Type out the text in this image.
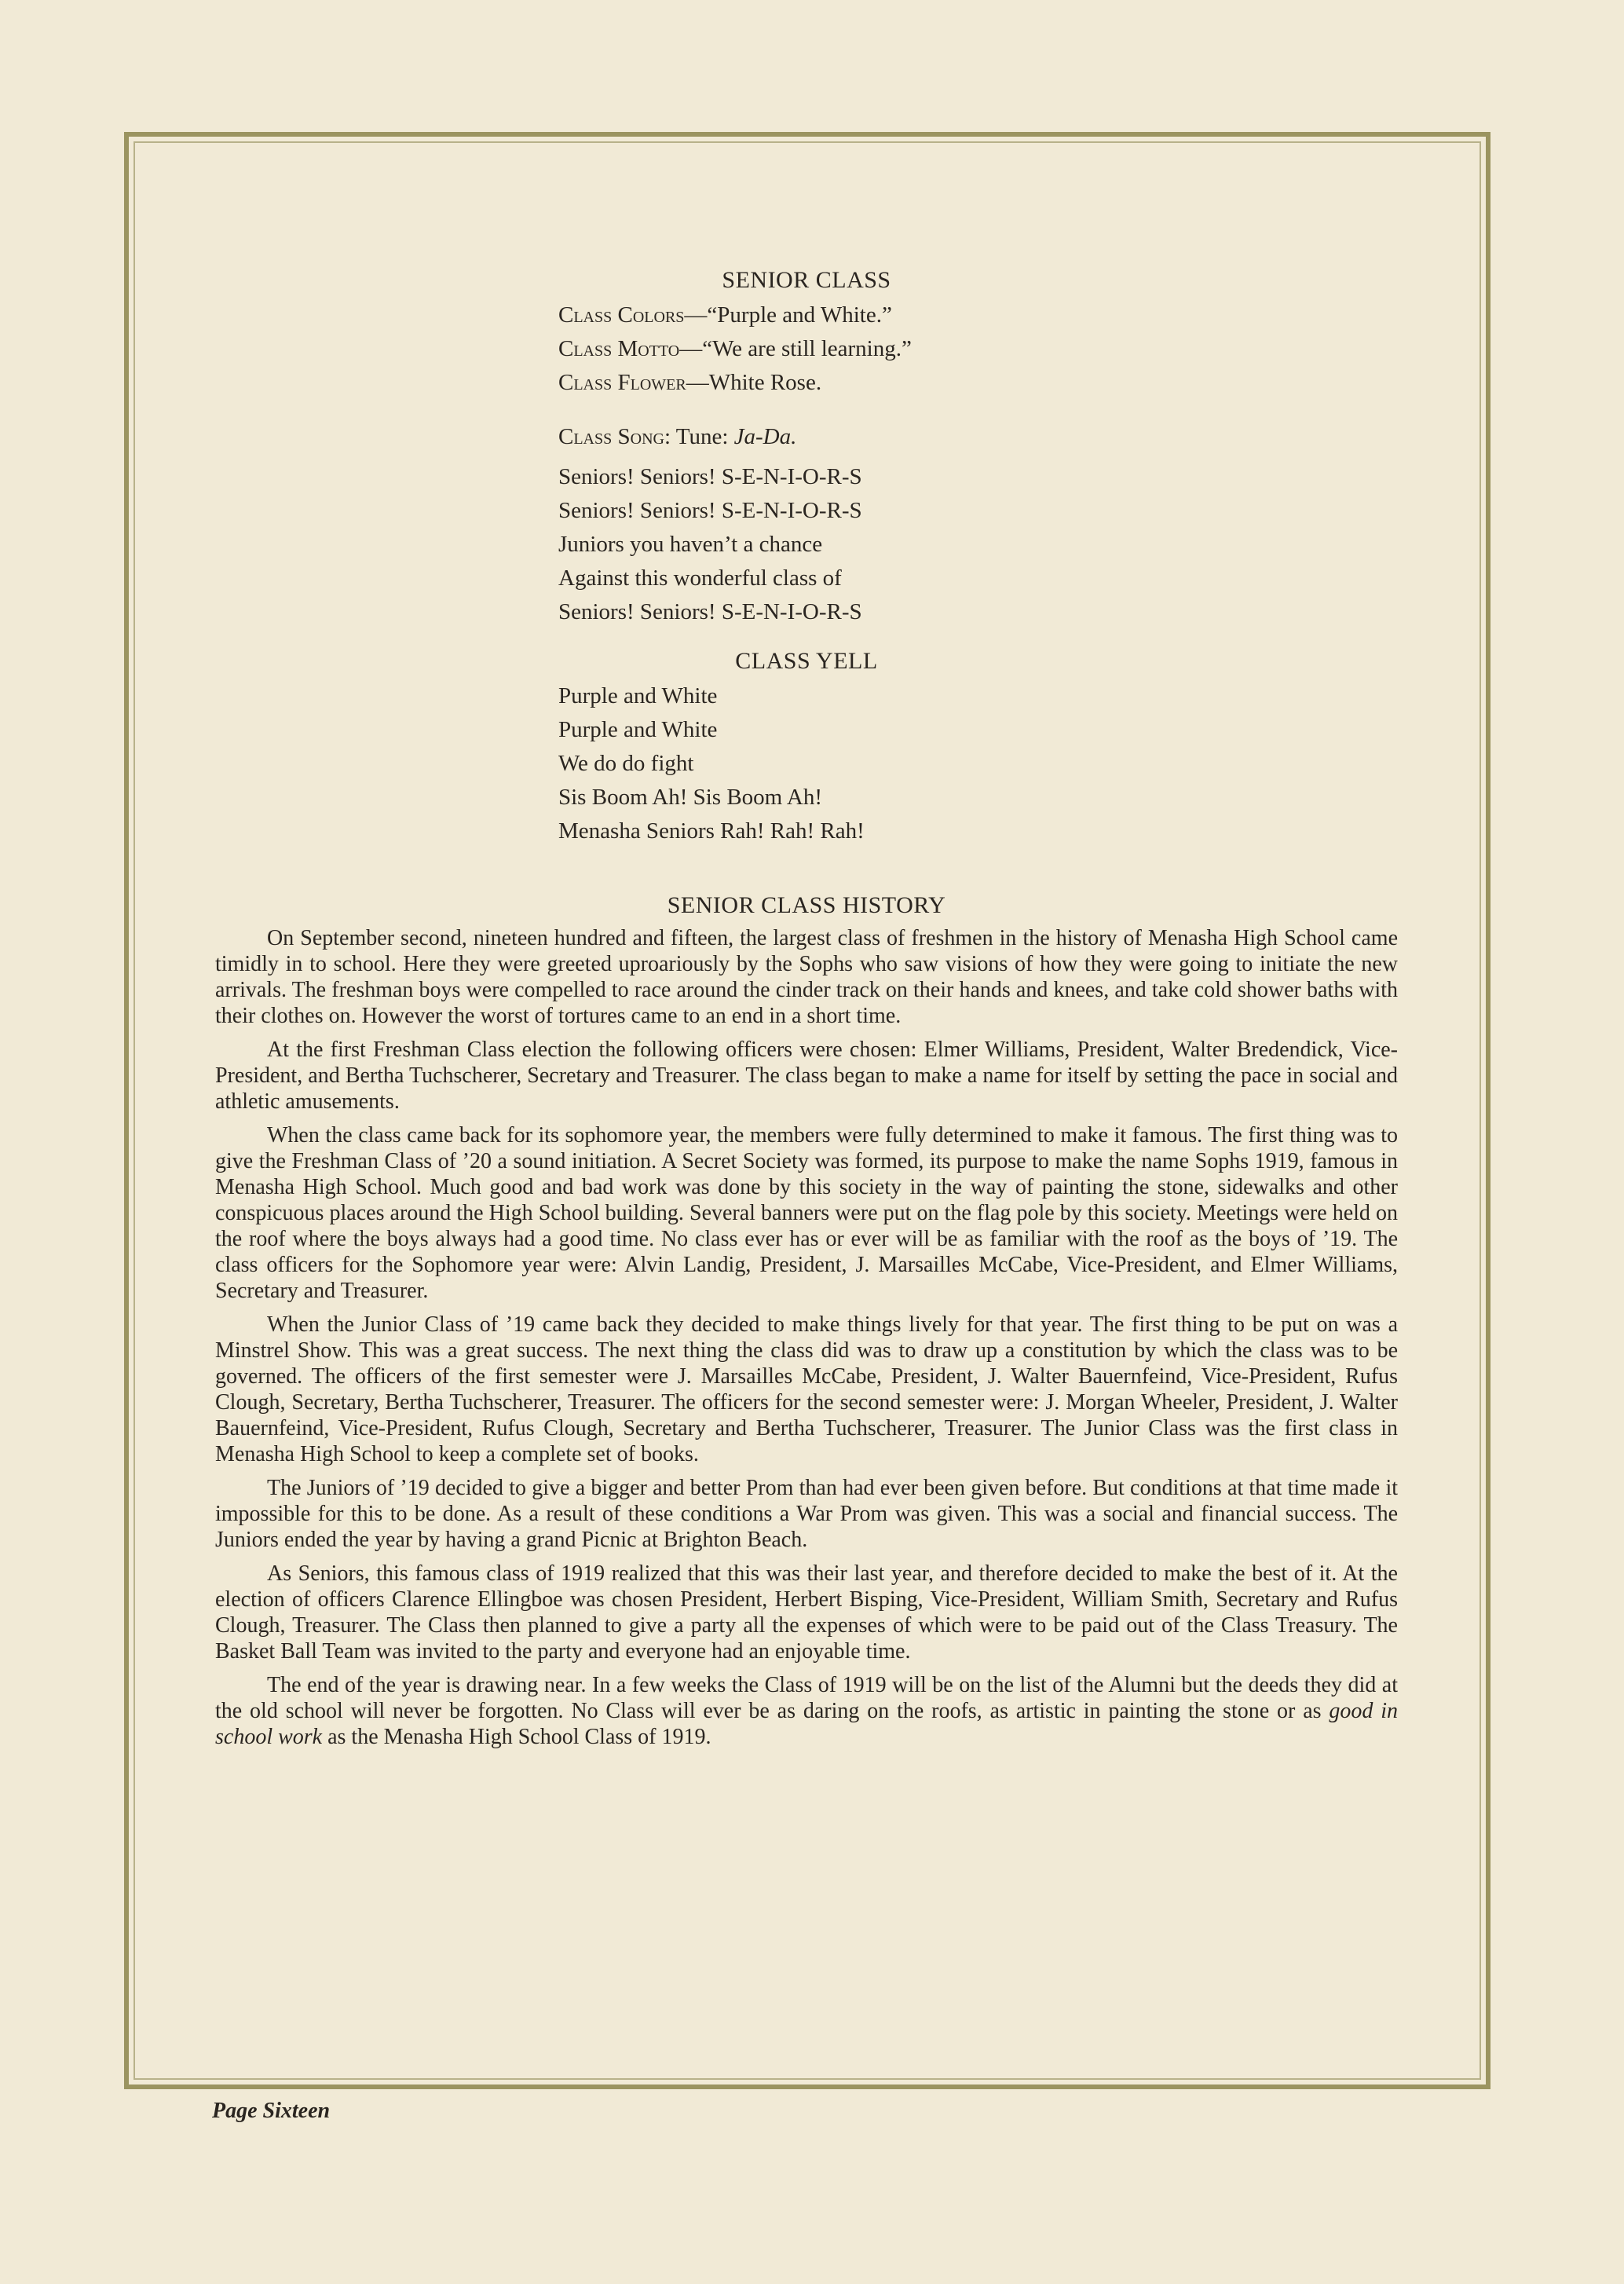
SENIOR CLASS
Class Colors—“Purple and White.”
Class Motto—“We are still learning.”
Class Flower—White Rose.
Class Song: Tune: Ja-Da.
Seniors! Seniors! S-E-N-I-O-R-S
Seniors! Seniors! S-E-N-I-O-R-S
Juniors you haven’t a chance
Against this wonderful class of
Seniors! Seniors! S-E-N-I-O-R-S
CLASS YELL
Purple and White
Purple and White
We do do fight
Sis Boom Ah! Sis Boom Ah!
Menasha Seniors Rah! Rah! Rah!
SENIOR CLASS HISTORY

On September second, nineteen hundred and fifteen, the largest class of freshmen in the history of Menasha High School came timidly in to school. Here they were greeted uproariously by the Sophs who saw visions of how they were going to initiate the new arrivals. The freshman boys were compelled to race around the cinder track on their hands and knees, and take cold shower baths with their clothes on. However the worst of tortures came to an end in a short time.

At the first Freshman Class election the following officers were chosen: Elmer Williams, President, Walter Bredendick, Vice-President, and Bertha Tuchscherer, Secretary and Treasurer. The class began to make a name for itself by setting the pace in social and athletic amusements.

When the class came back for its sophomore year, the members were fully determined to make it famous. The first thing was to give the Freshman Class of ’20 a sound initiation. A Secret Society was formed, its purpose to make the name Sophs 1919, famous in Menasha High School. Much good and bad work was done by this society in the way of painting the stone, sidewalks and other conspicuous places around the High School building. Several banners were put on the flag pole by this society. Meetings were held on the roof where the boys always had a good time. No class ever has or ever will be as familiar with the roof as the boys of ’19. The class officers for the Sophomore year were: Alvin Landig, President, J. Marsailles McCabe, Vice-President, and Elmer Williams, Secretary and Treasurer.

When the Junior Class of ’19 came back they decided to make things lively for that year. The first thing to be put on was a Minstrel Show. This was a great success. The next thing the class did was to draw up a constitution by which the class was to be governed. The officers of the first semester were J. Marsailles McCabe, President, J. Walter Bauernfeind, Vice-President, Rufus Clough, Secretary, Bertha Tuchscherer, Treasurer. The officers for the second semester were: J. Morgan Wheeler, President, J. Walter Bauernfeind, Vice-President, Rufus Clough, Secretary and Bertha Tuchscherer, Treasurer. The Junior Class was the first class in Menasha High School to keep a complete set of books.

The Juniors of ’19 decided to give a bigger and better Prom than had ever been given before. But conditions at that time made it impossible for this to be done. As a result of these conditions a War Prom was given. This was a social and financial success. The Juniors ended the year by having a grand Picnic at Brighton Beach.

As Seniors, this famous class of 1919 realized that this was their last year, and therefore decided to make the best of it. At the election of officers Clarence Ellingboe was chosen President, Herbert Bisping, Vice-President, William Smith, Secretary and Rufus Clough, Treasurer. The Class then planned to give a party all the expenses of which were to be paid out of the Class Treasury. The Basket Ball Team was invited to the party and everyone had an enjoyable time.

The end of the year is drawing near. In a few weeks the Class of 1919 will be on the list of the Alumni but the deeds they did at the old school will never be forgotten. No Class will ever be as daring on the roofs, as artistic in painting the stone or as good in school work as the Menasha High School Class of 1919.

Page Sixteen
